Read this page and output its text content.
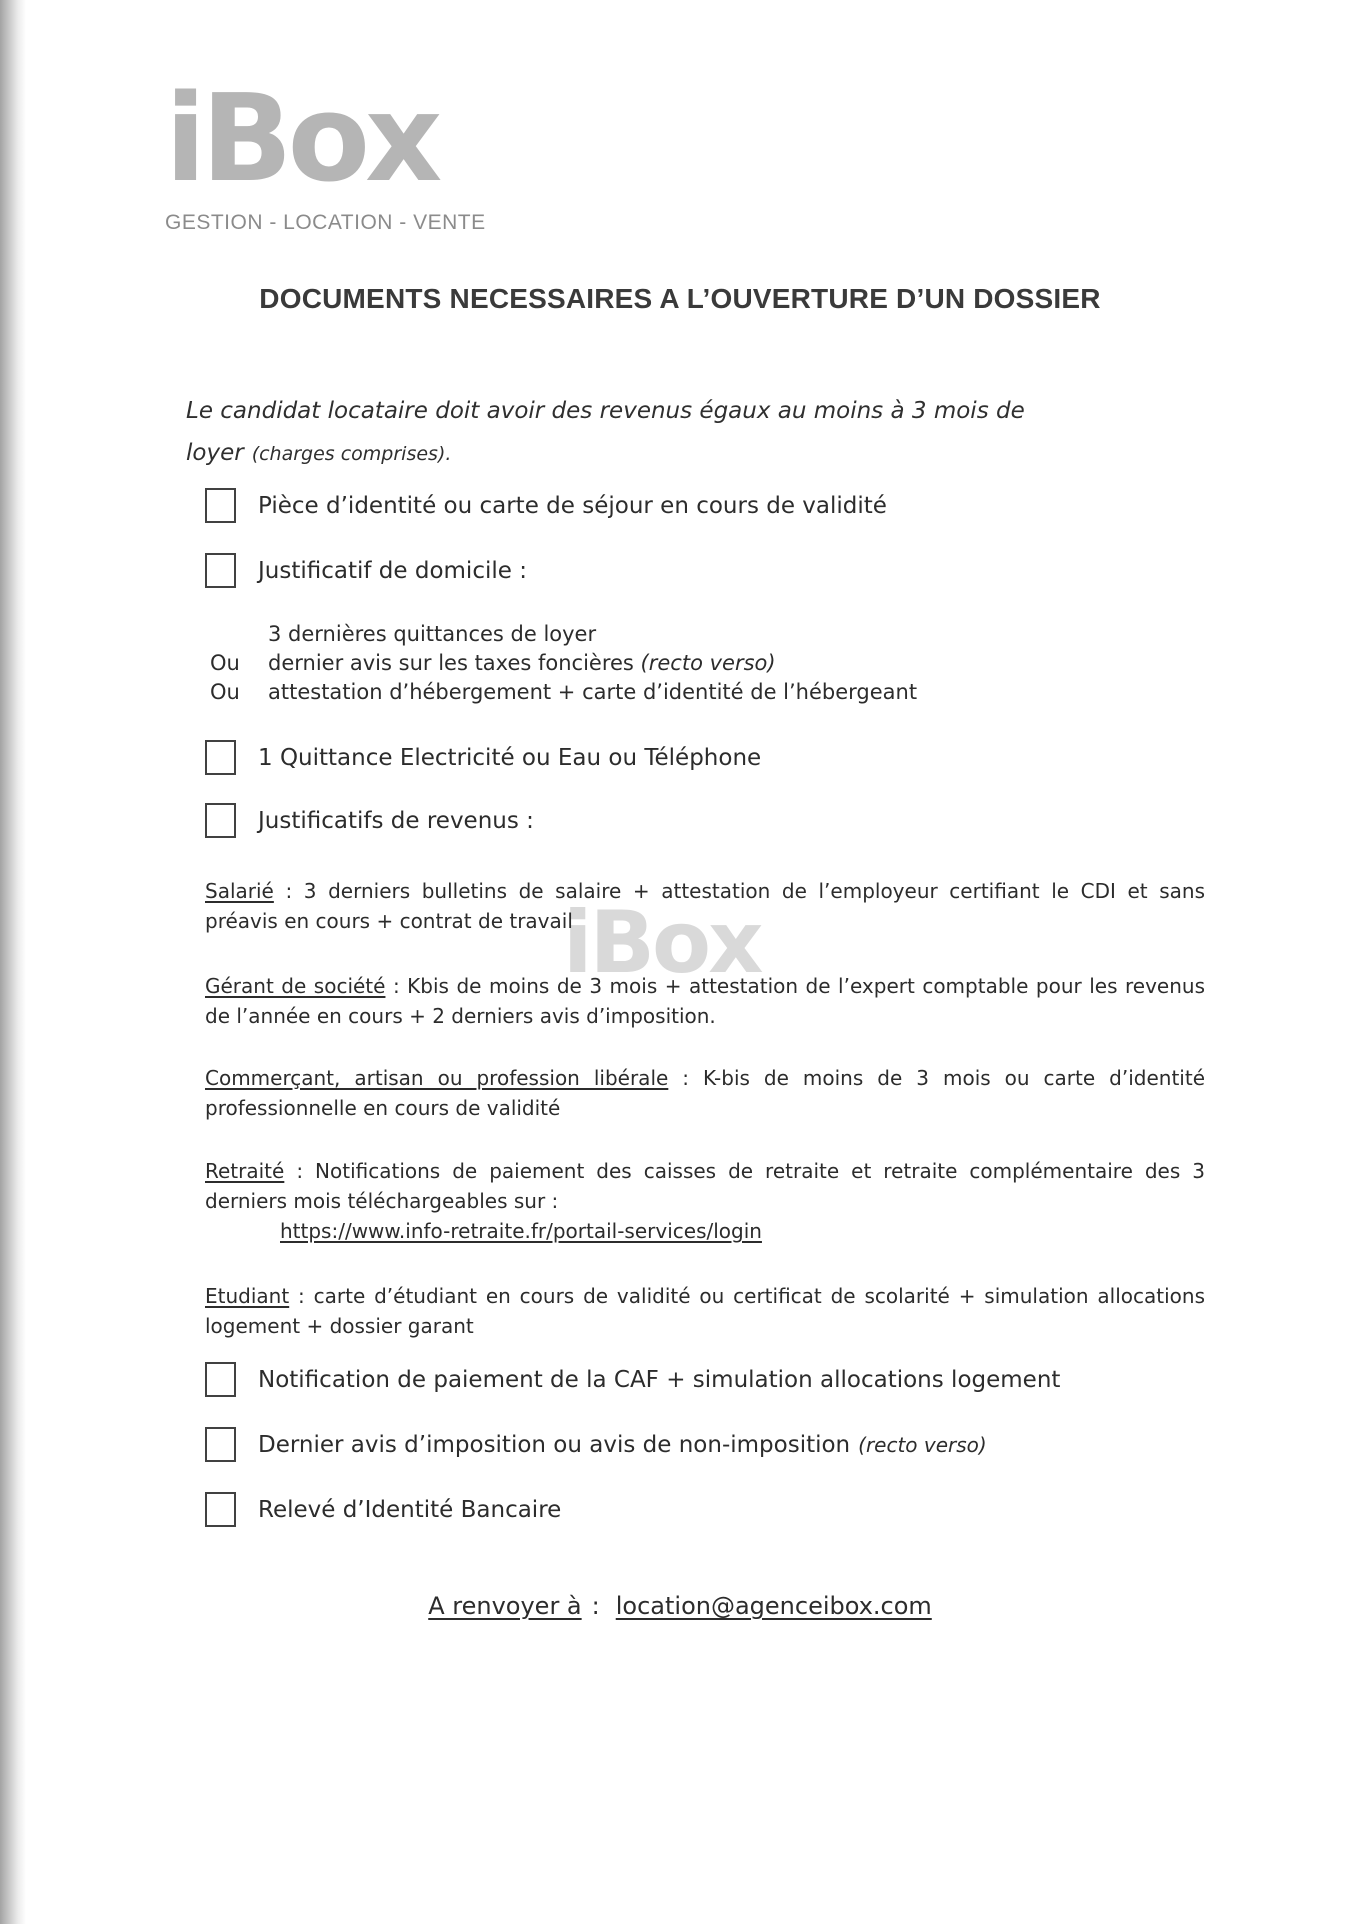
iBox
iBox
GESTION - LOCATION - VENTE
DOCUMENTS NECESSAIRES A L’OUVERTURE D’UN DOSSIER
Le candidat locataire doit avoir des revenus égaux au moins à 3 mois de
loyer (charges comprises).
Pièce d’identité ou carte de séjour en cours de validité
Justificatif de domicile :
3 dernières quittances de loyer
Ou	dernier avis sur les taxes foncières (recto verso)
Ou	attestation d’hébergement + carte d’identité de l’hébergeant
1 Quittance Electricité ou Eau ou Téléphone
Justificatifs de revenus :

Salarié : 3 derniers bulletins de salaire + attestation de l’employeur certifiant le CDI et sans préavis en cours + contrat de travail

Gérant de société : Kbis de moins de 3 mois + attestation de l’expert comptable pour les revenus de l’année en cours + 2 derniers avis d’imposition.

Commerçant, artisan ou profession libérale : K-bis de moins de 3 mois ou carte d’identité professionnelle en cours de validité

Retraité : Notifications de paiement des caisses de retraite et retraite complémentaire des 3 derniers mois téléchargeables sur :
https://www.info-retraite.fr/portail-services/login

Etudiant : carte d’étudiant en cours de validité ou certificat de scolarité + simulation allocations logement + dossier garant

Notification de paiement de la CAF + simulation allocations logement
Dernier avis d’imposition ou avis de non-imposition (recto verso)
Relevé d’Identité Bancaire
A renvoyer à : location@agenceibox.com
